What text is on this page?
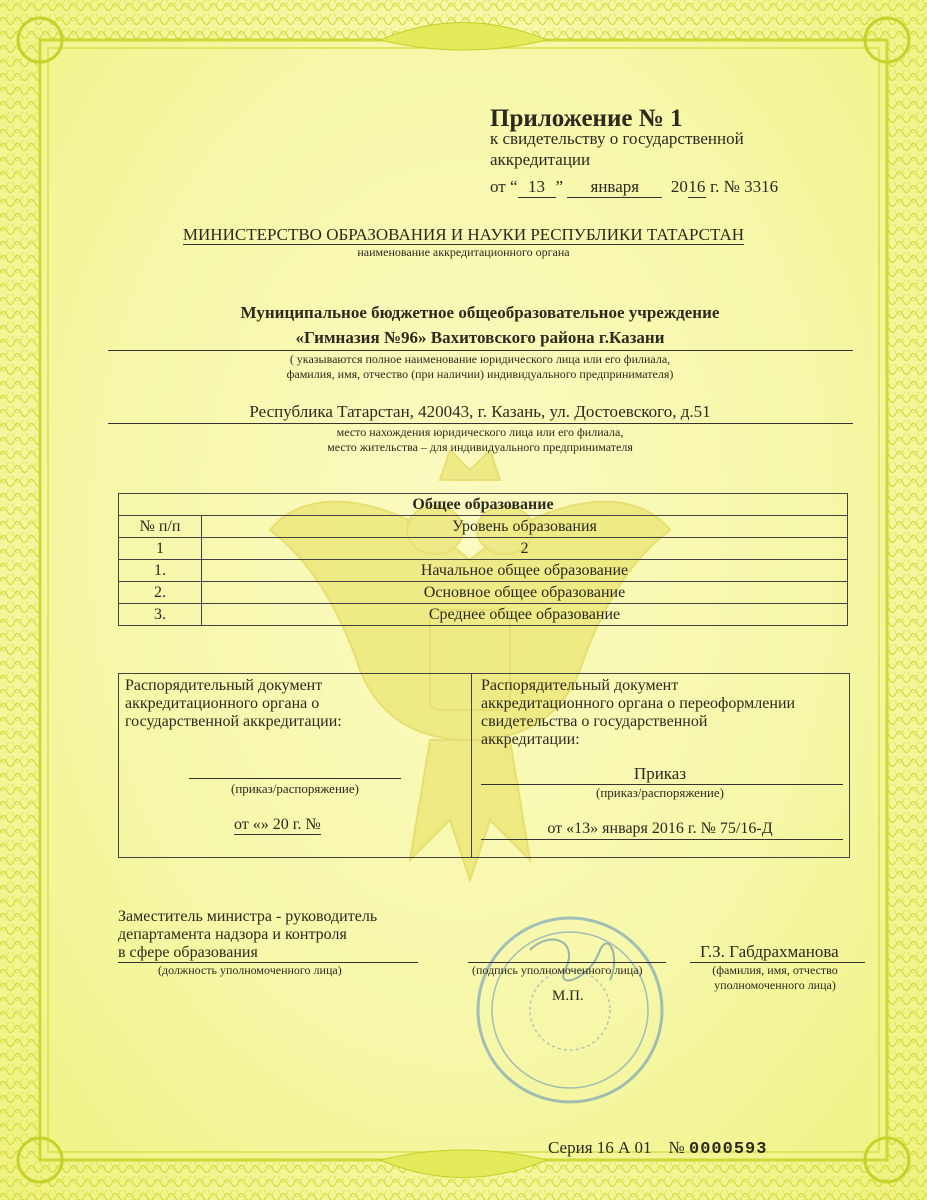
Приложение № 1
к свидетельству о государственной
аккредитации
от “ 13 ” января 2016 г. № 3316
МИНИСТЕРСТВО ОБРАЗОВАНИЯ И НАУКИ РЕСПУБЛИКИ ТАТАРСТАН
наименование аккредитационного органа
Муниципальное бюджетное общеобразовательное учреждение
«Гимназия №96» Вахитовского района г.Казани
( указываются полное наименование юридического лица или его филиала,
фамилия, имя, отчество (при наличии) индивидуального предпринимателя)
Республика Татарстан, 420043, г. Казань, ул. Достоевского, д.51
место нахождения юридического лица или его филиала,
место жительства – для индивидуального предпринимателя
Общее образование	
№ п/п	Уровень образования
1	2
1.	Начальное общее образование
2.	Основное общее образование
3.	Среднее общее образование
Распорядительный документ
аккредитационного органа о
государственной аккредитации:
(приказ/распоряжение)
от «» 20 г. №
Распорядительный документ
аккредитационного органа о переоформлении
свидетельства о государственной
аккредитации:
Приказ
(приказ/распоряжение)
от «13» января 2016 г. № 75/16-Д
Заместитель министра - руководитель
департамента надзора и контроля
в сфере образования
(должность уполномоченного лица)	(подпись уполномоченного лица)
М.П.
Г.З. Габдрахманова
(фамилия, имя, отчество
уполномоченного лица)
Серия 16 А 01 № 0000593
